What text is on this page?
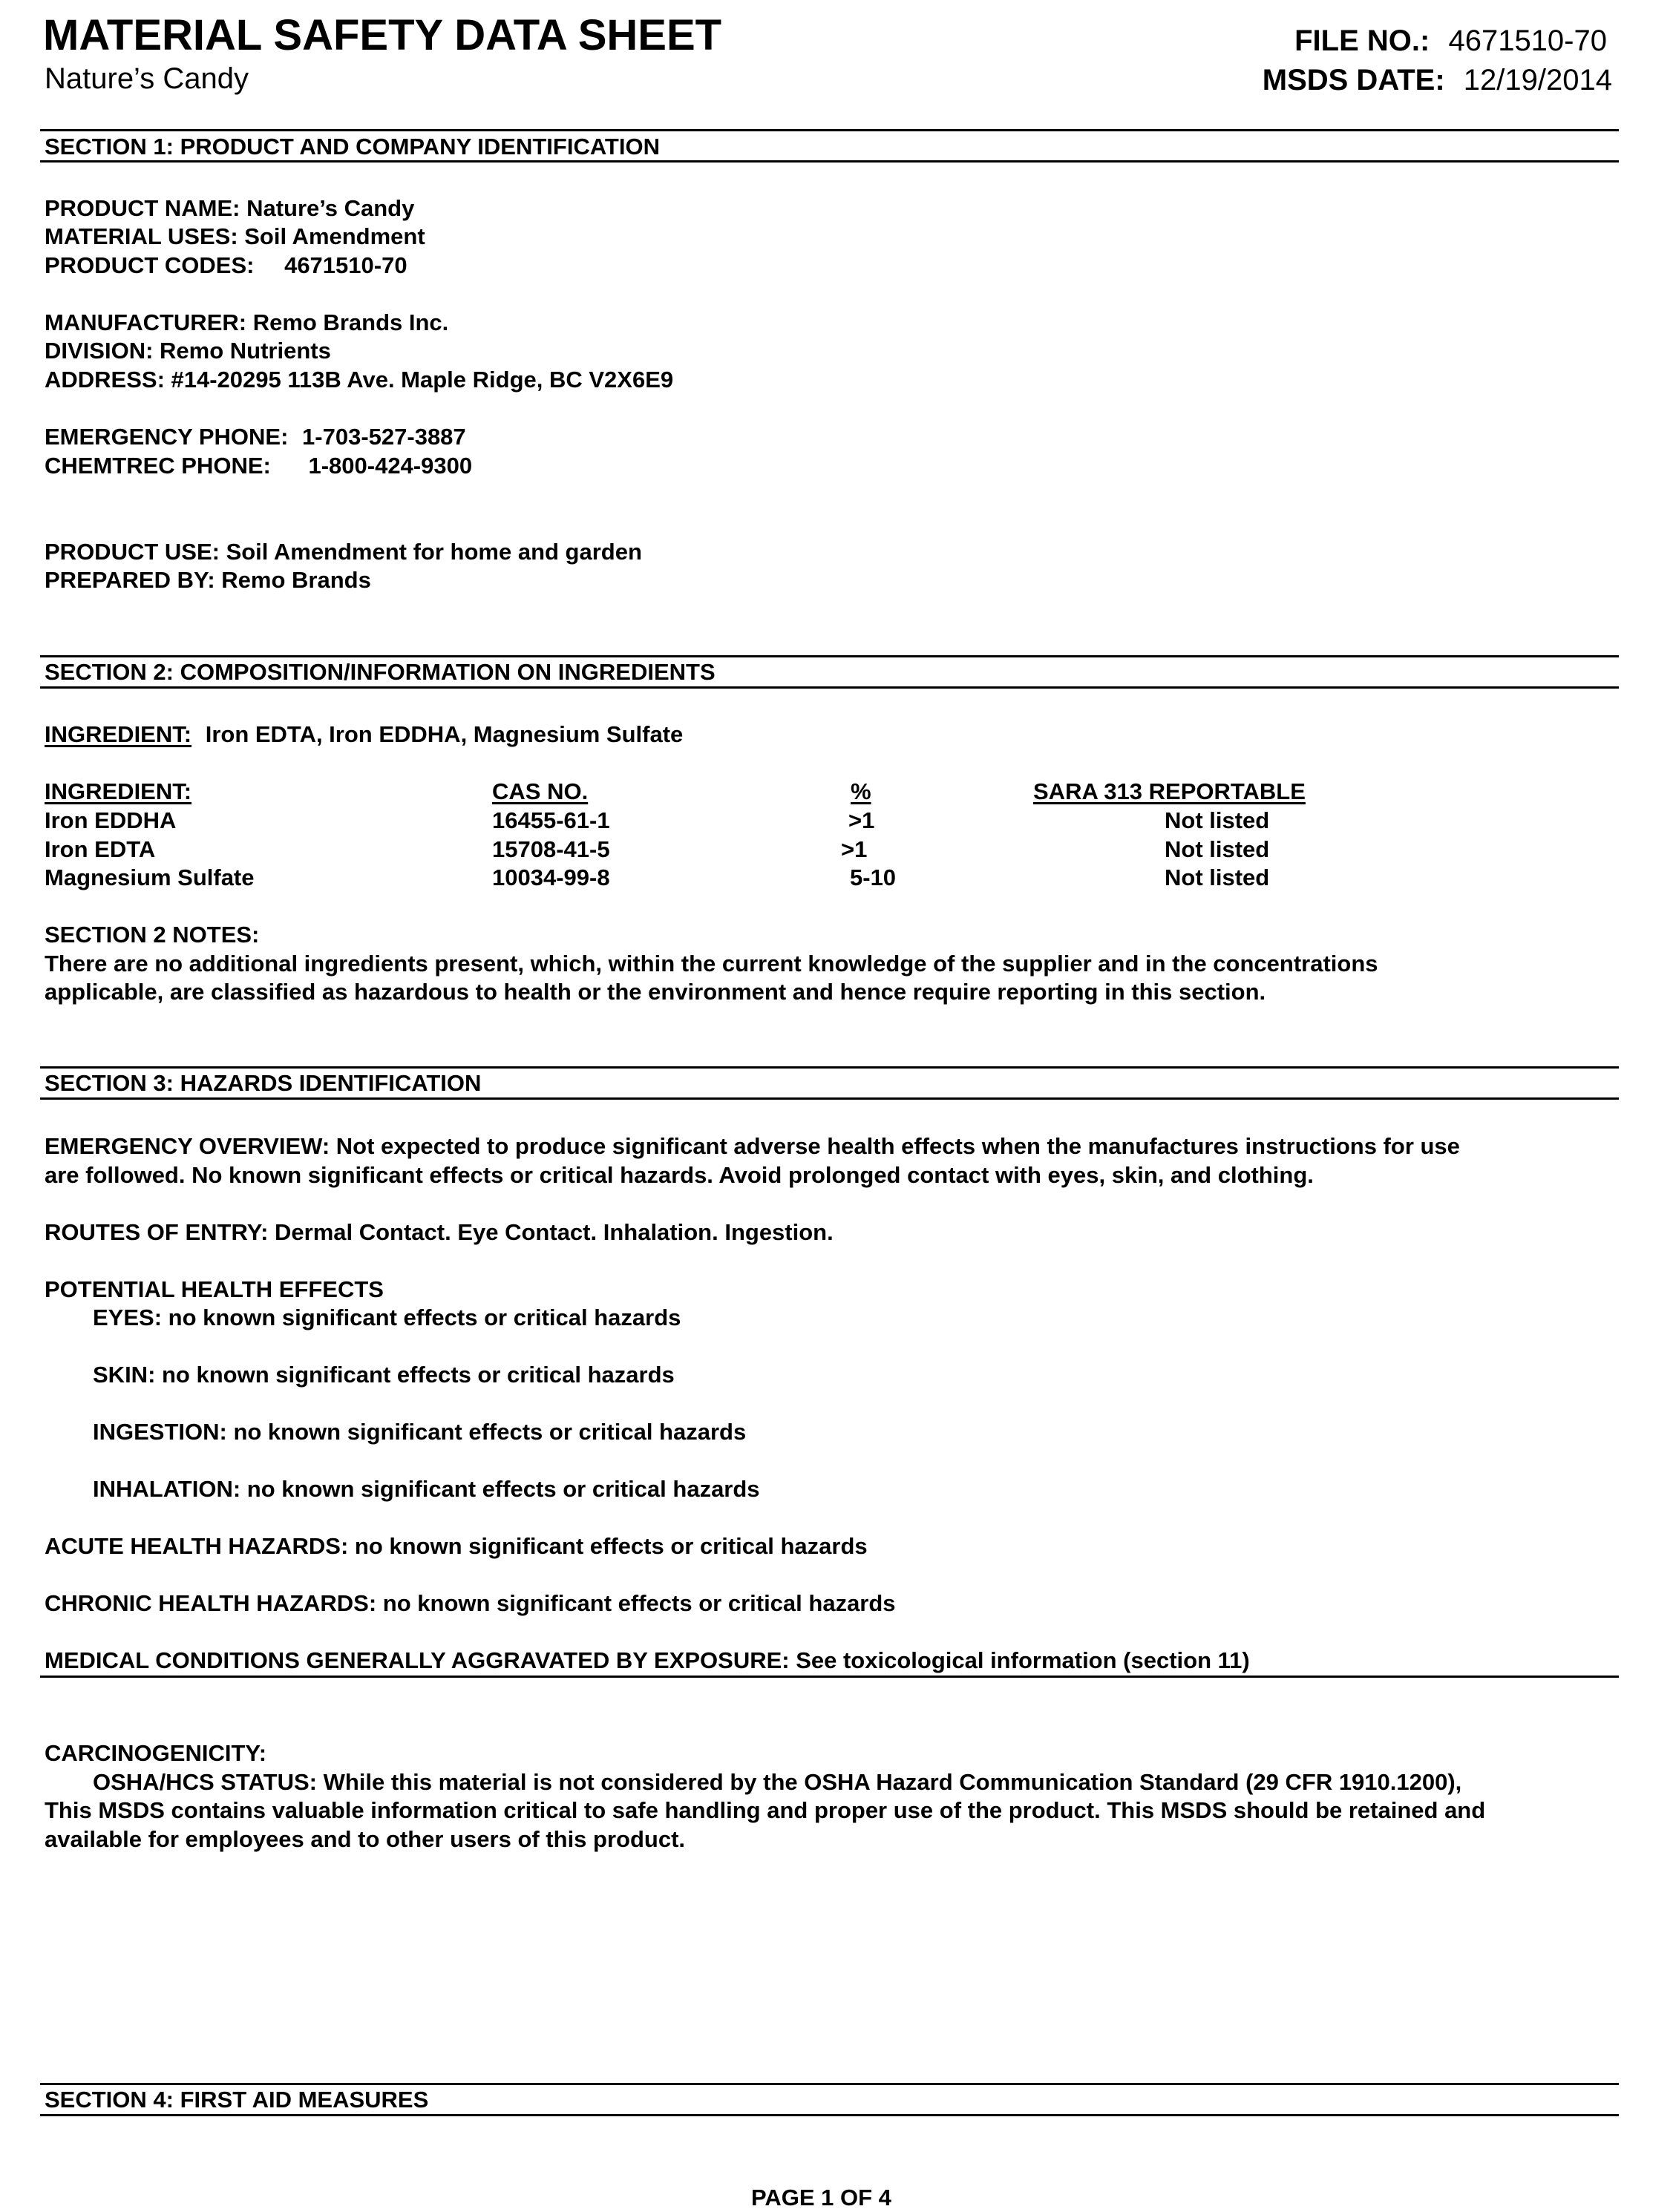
MATERIAL SAFETY DATA SHEET
Nature’s Candy
FILE NO.: 4671510-70
MSDS DATE: 12/19/2014
SECTION 1: PRODUCT AND COMPANY IDENTIFICATION
PRODUCT NAME: Nature’s Candy
MATERIAL USES: Soil Amendment
PRODUCT CODES: 4671510-70
MANUFACTURER: Remo Brands Inc.
DIVISION: Remo Nutrients
ADDRESS: #14-20295 113B Ave. Maple Ridge, BC V2X6E9
EMERGENCY PHONE: 1-703-527-3887
CHEMTREC PHONE: 1-800-424-9300
PRODUCT USE: Soil Amendment for home and garden
PREPARED BY: Remo Brands
SECTION 2: COMPOSITION/INFORMATION ON INGREDIENTS
INGREDIENT: Iron EDTA, Iron EDDHA, Magnesium Sulfate
INGREDIENT:	CAS NO.	%	SARA 313 REPORTABLE
Iron EDDHA	16455-61-1	>1	Not listed
Iron EDTA	15708-41-5	>1	Not listed
Magnesium Sulfate	10034-99-8	5-10	Not listed
SECTION 2 NOTES:
There are no additional ingredients present, which, within the current knowledge of the supplier and in the concentrations
applicable, are classified as hazardous to health or the environment and hence require reporting in this section.
SECTION 3: HAZARDS IDENTIFICATION
EMERGENCY OVERVIEW: Not expected to produce significant adverse health effects when the manufactures instructions for use
are followed. No known significant effects or critical hazards. Avoid prolonged contact with eyes, skin, and clothing.
ROUTES OF ENTRY: Dermal Contact. Eye Contact. Inhalation. Ingestion.
POTENTIAL HEALTH EFFECTS
EYES: no known significant effects or critical hazards
SKIN: no known significant effects or critical hazards
INGESTION: no known significant effects or critical hazards
INHALATION: no known significant effects or critical hazards
ACUTE HEALTH HAZARDS: no known significant effects or critical hazards
CHRONIC HEALTH HAZARDS: no known significant effects or critical hazards
MEDICAL CONDITIONS GENERALLY AGGRAVATED BY EXPOSURE: See toxicological information (section 11)
CARCINOGENICITY:
OSHA/HCS STATUS: While this material is not considered by the OSHA Hazard Communication Standard (29 CFR 1910.1200),
This MSDS contains valuable information critical to safe handling and proper use of the product. This MSDS should be retained and
available for employees and to other users of this product.
SECTION 4: FIRST AID MEASURES
PAGE 1 OF 4
